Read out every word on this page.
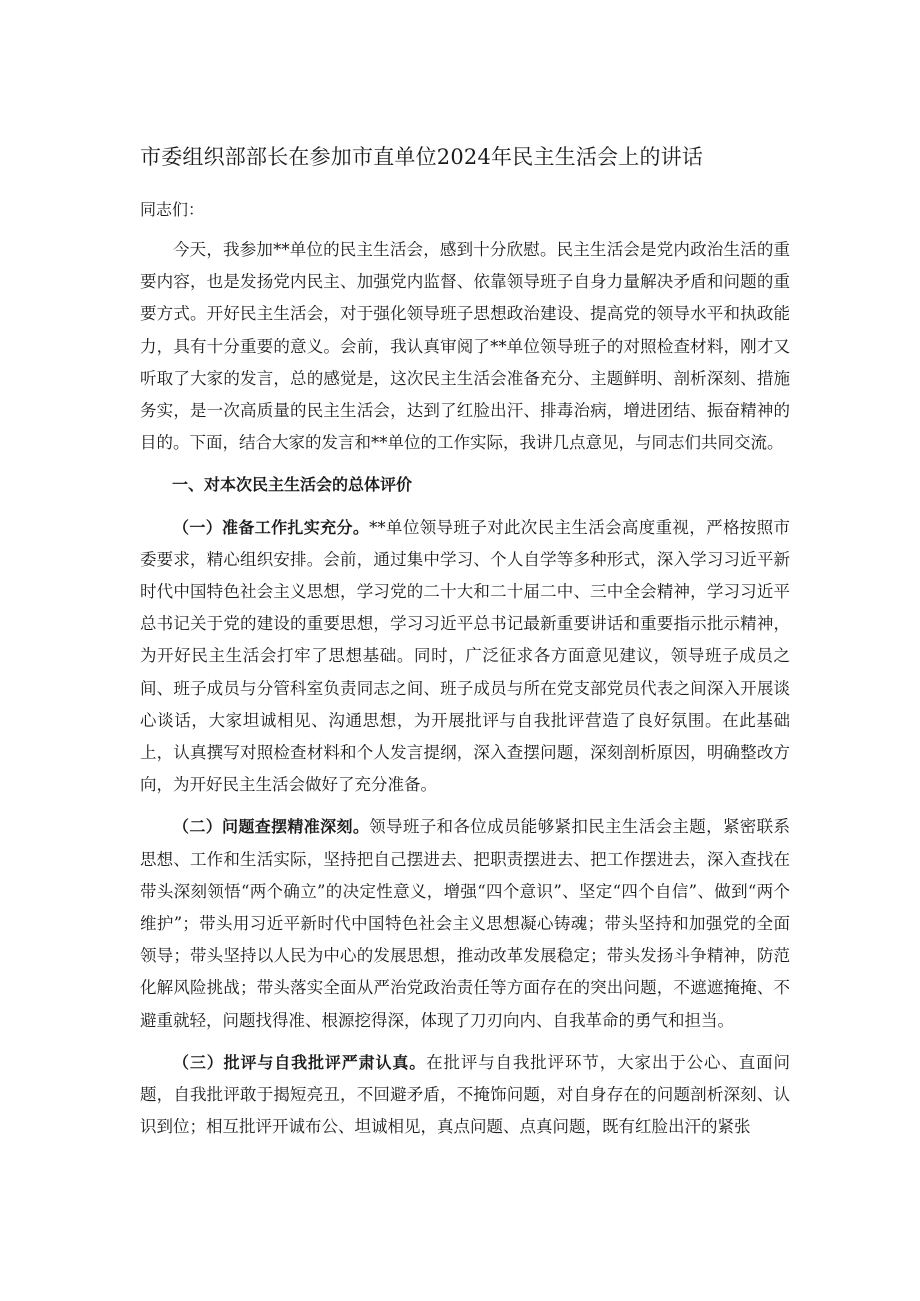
市委组织部部长在参加市直单位2024年民主生活会上的讲话
同志们：

今天，我参加**单位的民主生活会，感到十分欣慰。民主生活会是党内政治生活的重要内容，也是发扬党内民主、加强党内监督、依靠领导班子自身力量解决矛盾和问题的重要方式。开好民主生活会，对于强化领导班子思想政治建设、提高党的领导水平和执政能力，具有十分重要的意义。会前，我认真审阅了**单位领导班子的对照检查材料，刚才又听取了大家的发言，总的感觉是，这次民主生活会准备充分、主题鲜明、剖析深刻、措施务实，是一次高质量的民主生活会，达到了红脸出汗、排毒治病，增进团结、振奋精神的目的。下面，结合大家的发言和**单位的工作实际，我讲几点意见，与同志们共同交流。

一、对本次民主生活会的总体评价

（一）准备工作扎实充分。**单位领导班子对此次民主生活会高度重视，严格按照市委要求，精心组织安排。会前，通过集中学习、个人自学等多种形式，深入学习习近平新时代中国特色社会主义思想，学习党的二十大和二十届二中、三中全会精神，学习习近平总书记关于党的建设的重要思想，学习习近平总书记最新重要讲话和重要指示批示精神，为开好民主生活会打牢了思想基础。同时，广泛征求各方面意见建议，领导班子成员之间、班子成员与分管科室负责同志之间、班子成员与所在党支部党员代表之间深入开展谈心谈话，大家坦诚相见、沟通思想，为开展批评与自我批评营造了良好氛围。在此基础上，认真撰写对照检查材料和个人发言提纲，深入查摆问题，深刻剖析原因，明确整改方向，为开好民主生活会做好了充分准备。

（二）问题查摆精准深刻。领导班子和各位成员能够紧扣民主生活会主题，紧密联系思想、工作和生活实际，坚持把自己摆进去、把职责摆进去、把工作摆进去，深入查找在带头深刻领悟“两个确立”的决定性意义，增强“四个意识”、坚定“四个自信”、做到“两个维护”；带头用习近平新时代中国特色社会主义思想凝心铸魂；带头坚持和加强党的全面领导；带头坚持以人民为中心的发展思想，推动改革发展稳定；带头发扬斗争精神，防范化解风险挑战；带头落实全面从严治党政治责任等方面存在的突出问题，不遮遮掩掩、不避重就轻，问题找得准、根源挖得深，体现了刀刃向内、自我革命的勇气和担当。

（三）批评与自我批评严肃认真。在批评与自我批评环节，大家出于公心、直面问题，自我批评敢于揭短亮丑，不回避矛盾，不掩饰问题，对自身存在的问题剖析深刻、认识到位；相互批评开诚布公、坦诚相见，真点问题、点真问题，既有红脸出汗的紧张
